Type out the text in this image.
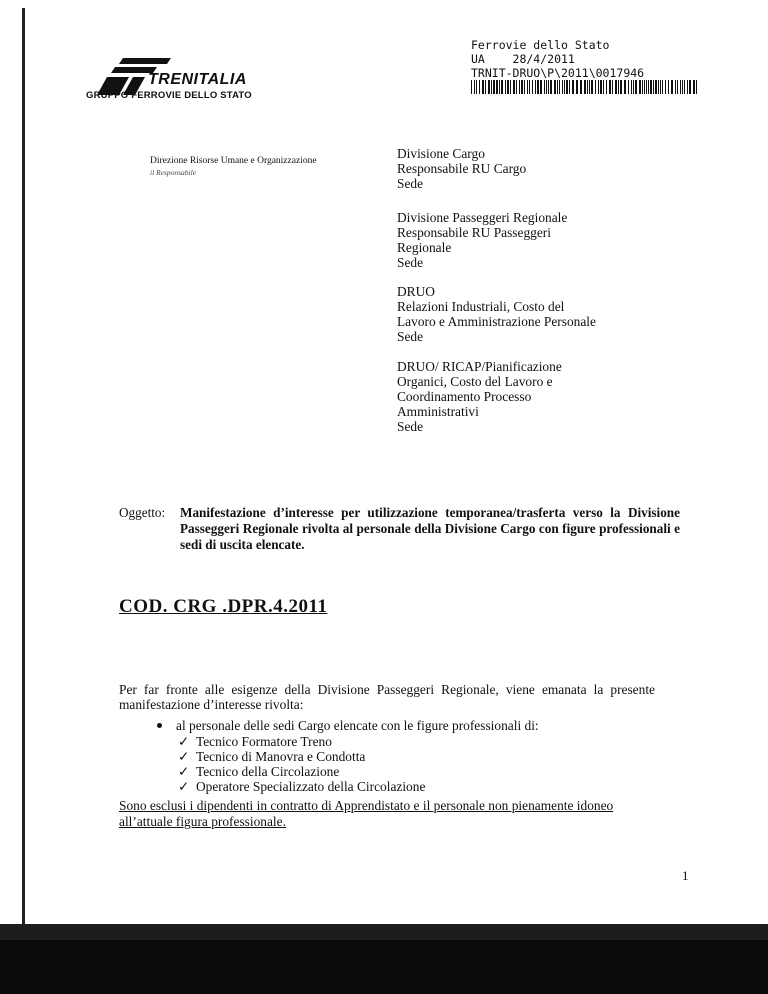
TRENITALIA
GRUPPO FERROVIE DELLO STATO
Ferrovie dello Stato
UA    28/4/2011
TRNIT-DRUO\P\2011\0017946
Direzione Risorse Umane e Organizzazione
il Responsabile
Divisione Cargo
Responsabile RU Cargo
Sede
Divisione Passeggeri Regionale
Responsabile RU Passeggeri
Regionale
Sede
DRUO
Relazioni Industriali, Costo del
Lavoro e Amministrazione Personale
Sede
DRUO/ RICAP/Pianificazione
Organici, Costo del Lavoro e
Coordinamento Processo
Amministrativi
Sede
Oggetto: Manifestazione d’interesse per utilizzazione temporanea/trasferta verso la Divisione Passeggeri Regionale rivolta al personale della Divisione Cargo con figure professionali e sedi di uscita elencate.
COD. CRG .DPR.4.2011
Per far fronte alle esigenze della Divisione Passeggeri Regionale, viene emanata la presente manifestazione d’interesse rivolta:
al personale delle sedi Cargo elencate con le figure professionali di:
✓ Tecnico Formatore Treno
✓ Tecnico di Manovra e Condotta
✓ Tecnico della Circolazione
✓ Operatore Specializzato della Circolazione
Sono esclusi i dipendenti in contratto di Apprendistato e il personale non pienamente idoneo all’attuale figura professionale.
1
